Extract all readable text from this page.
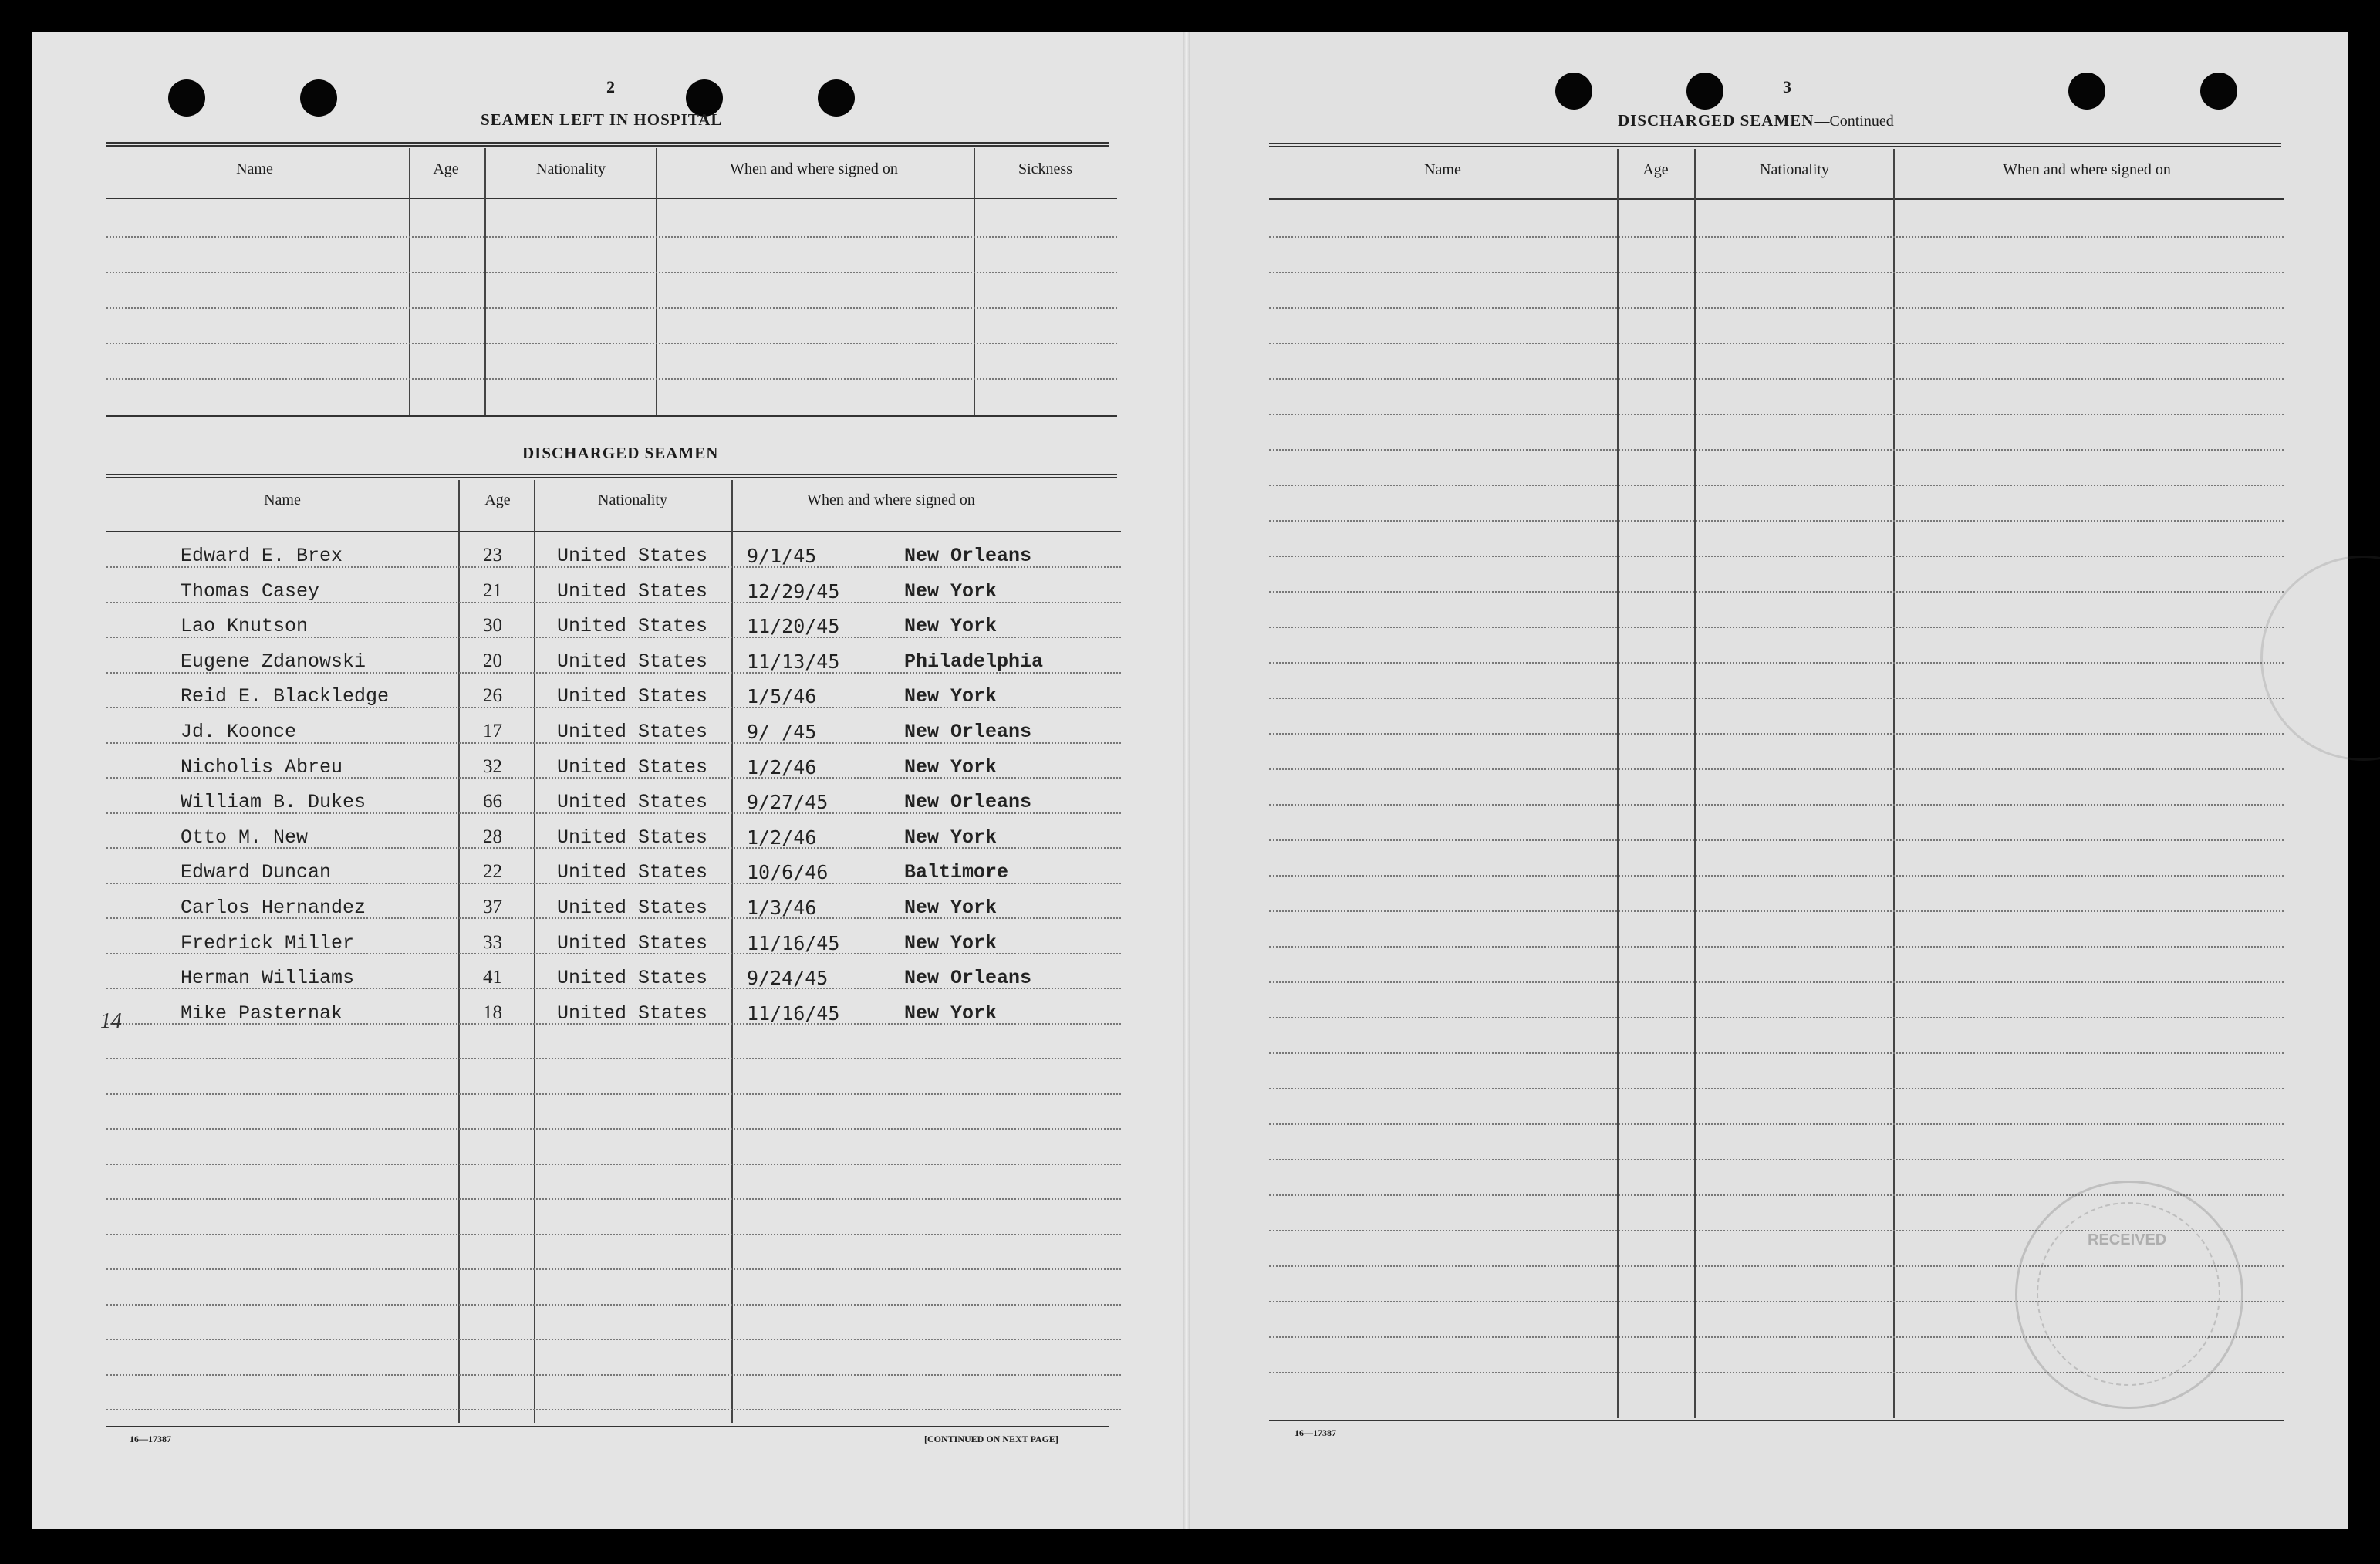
2
SEAMEN LEFT IN HOSPITAL
Name	Age	Nationality	When and where signed on	Sickness
DISCHARGED SEAMEN
Name	Age	Nationality	When and where signed on
Edward E. Brex	23	United States 9/1/45	New Orleans
Thomas Casey	21	United States 12/29/45	New York
Lao Knutson	30	United States 11/20/45	New York
Eugene Zdanowski	20	United States 11/13/45	Philadelphia
Reid E. Blackledge	26	United States 1/5/46	New York
Jd. Koonce	17	United States 9/ /45	New Orleans
Nicholis Abreu	32	United States 1/2/46	New York
William B. Dukes	66	United States 9/27/45	New Orleans
Otto M. New	28	United States 1/2/46	New York
Edward Duncan	22	United States 10/6/46	Baltimore
Carlos Hernandez	37	United States 1/3/46	New York
Fredrick Miller	33	United States 11/16/45	New York
Herman Williams	41	United States 9/24/45	New Orleans
Mike Pasternak	18	United States 11/16/45	New York
14
16—17387	[CONTINUED ON NEXT PAGE]
3
DISCHARGED SEAMEN—Continued
Name	Age	Nationality	When and where signed on
16—17387
RECEIVED
